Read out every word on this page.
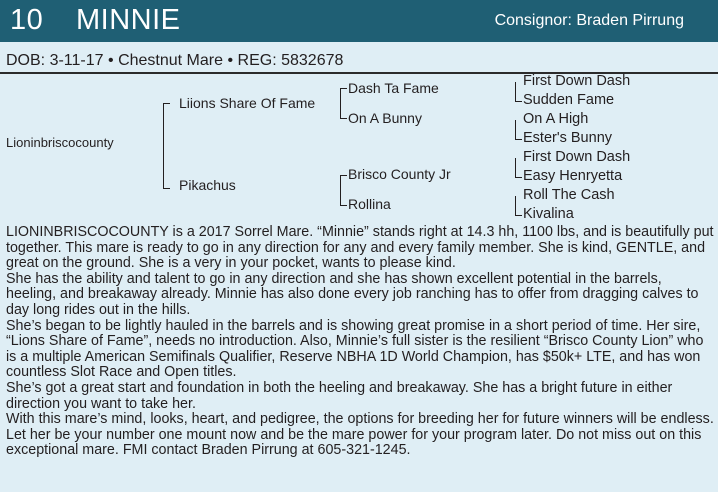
10 MINNIE	Consignor: Braden Pirrung
DOB: 3-11-17 • Chestnut Mare • REG: 5832678
Lioninbriscocounty
Liions Share Of Fame
Pikachus
Dash Ta Fame
On A Bunny
Brisco County Jr
Rollina
First Down Dash
Sudden Fame
On A High
Ester's Bunny
First Down Dash
Easy Henryetta
Roll The Cash
Kivalina

LIONINBRISCOCOUNTY is a 2017 Sorrel Mare. “Minnie” stands right at 14.3 hh, 1100 lbs, and is beautifully put together. This mare is ready to go in any direction for any and every family member. She is kind, GENTLE, and great on the ground. She is a very in your pocket, wants to please kind.

She has the ability and talent to go in any direction and she has shown excellent potential in the barrels, heeling, and breakaway already. Minnie has also done every job ranching has to offer from dragging calves to day long rides out in the hills.

She’s began to be lightly hauled in the barrels and is showing great promise in a short period of time. Her sire, “Lions Share of Fame”, needs no introduction. Also, Minnie’s full sister is the resilient “Brisco County Lion” who is a multiple American Semifinals Qualifier, Reserve NBHA 1D World Champion, has $50k+ LTE, and has won countless Slot Race and Open titles.

She’s got a great start and foundation in both the heeling and breakaway. She has a bright future in either direction you want to take her.

With this mare’s mind, looks, heart, and pedigree, the options for breeding her for future winners will be endless. Let her be your number one mount now and be the mare power for your program later. Do not miss out on this exceptional mare. FMI contact Braden Pirrung at 605-321-1245.
